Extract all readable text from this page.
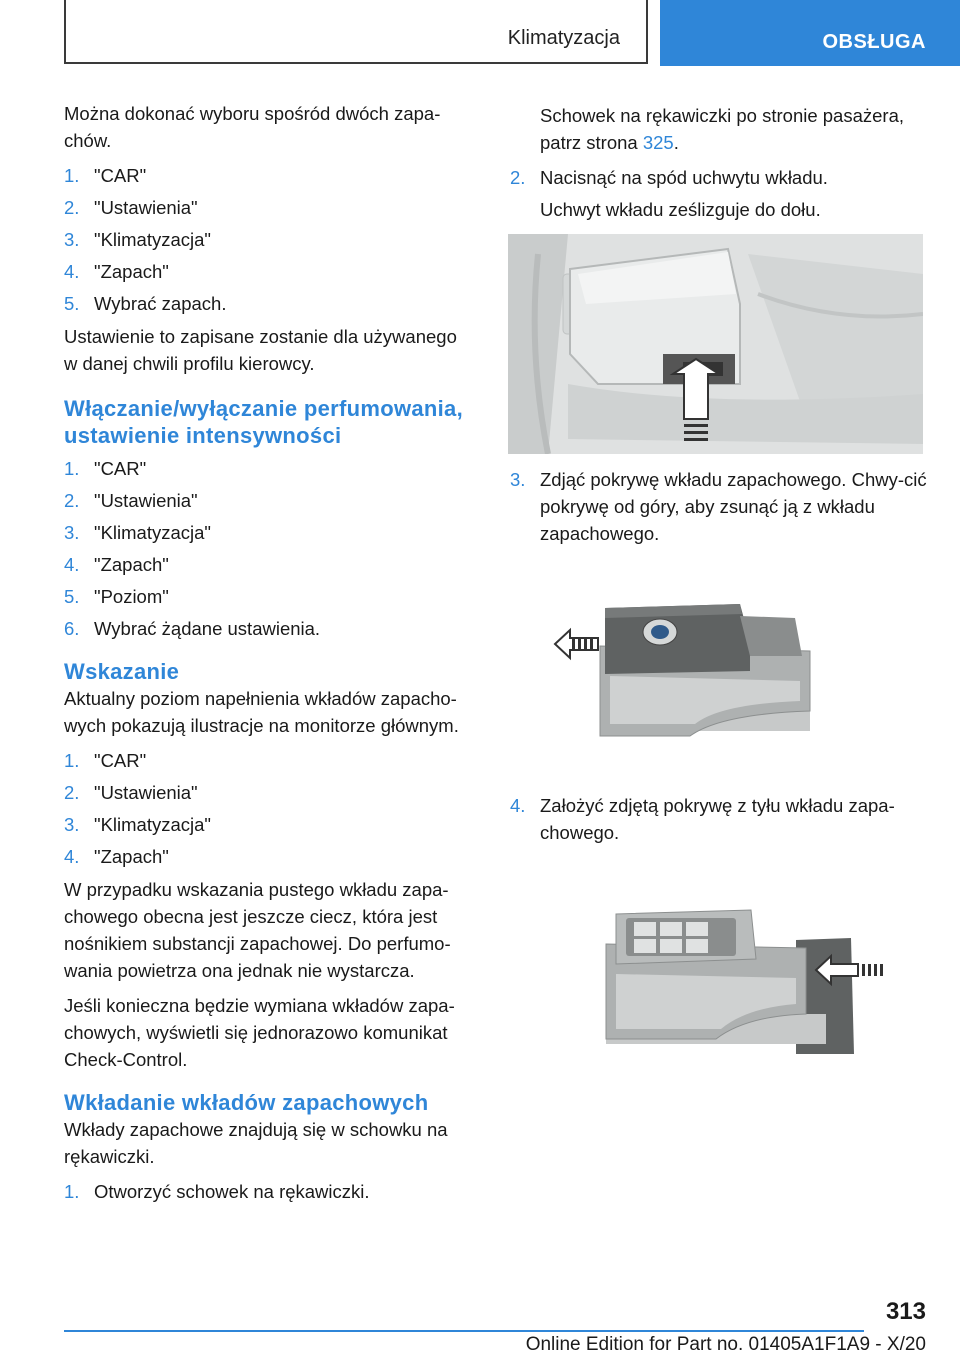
Klimatyzacja	OBSŁUGA

Można dokonać wyboru spośród dwóch zapa-chów.

1. "CAR"
2. "Ustawienia"
3. "Klimatyzacja"
4. "Zapach"
5. Wybrać zapach.

Ustawienie to zapisane zostanie dla używanego w danej chwili profilu kierowcy.

Włączanie/wyłączanie perfumowania, ustawienie intensywności
1. "CAR"
2. "Ustawienia"
3. "Klimatyzacja"
4. "Zapach"
5. "Poziom"
6. Wybrać żądane ustawienia.
Wskazanie

Aktualny poziom napełnienia wkładów zapacho-wych pokazują ilustracje na monitorze głównym.

1. "CAR"
2. "Ustawienia"
3. "Klimatyzacja"
4. "Zapach"

W przypadku wskazania pustego wkładu zapa-chowego obecna jest jeszcze ciecz, która jest nośnikiem substancji zapachowej. Do perfumo-wania powietrza ona jednak nie wystarcza.

Jeśli konieczna będzie wymiana wkładów zapa-chowych, wyświetli się jednorazowo komunikat Check-Control.

Wkładanie wkładów zapachowych

Wkłady zapachowe znajdują się w schowku na rękawiczki.

1. Otworzyć schowek na rękawiczki.

Schowek na rękawiczki po stronie pasażera, patrz strona 325.

2. Nacisnąć na spód uchwytu wkładu.

Uchwyt wkładu ześlizguje do dołu.

3. Zdjąć pokrywę wkładu zapachowego. Chwy-cić pokrywę od góry, aby zsunąć ją z wkładu zapachowego.
4. Założyć zdjętą pokrywę z tyłu wkładu zapa-chowego.
313
Online Edition for Part no. 01405A1F1A9 - X/20
